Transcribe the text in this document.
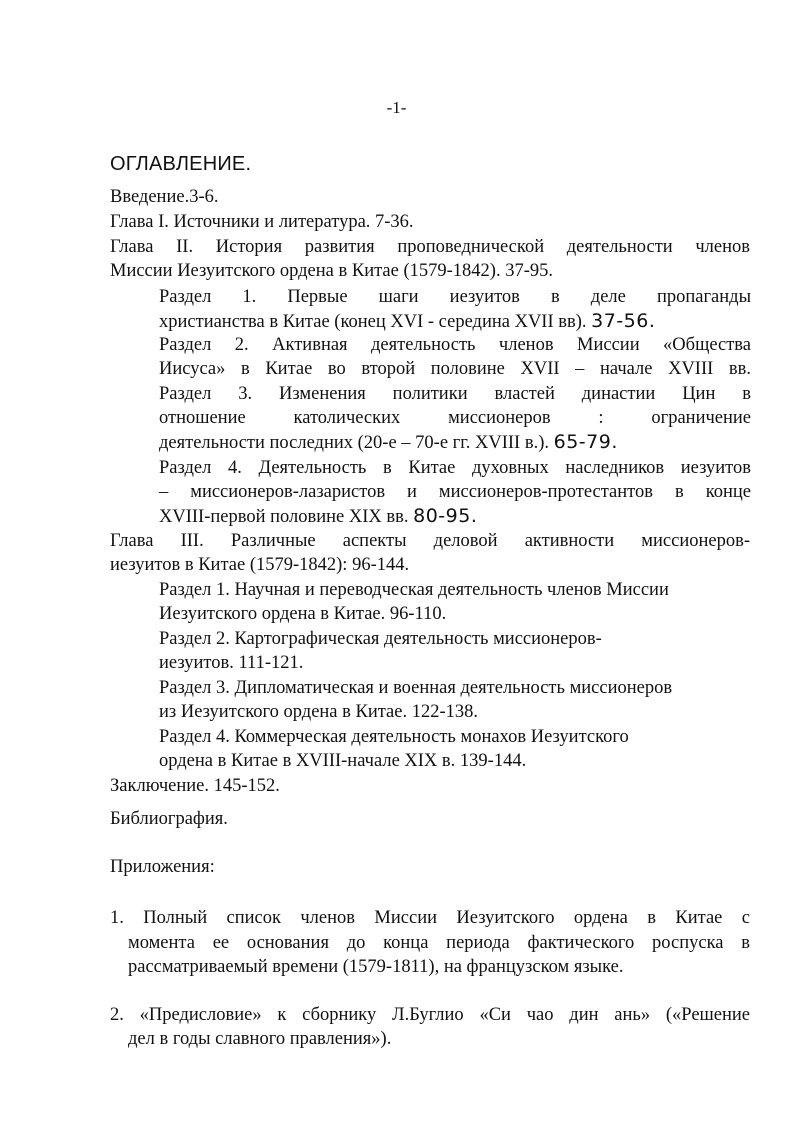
-1-
ОГЛАВЛЕНИЕ.
Введение.3-6.
Глава I. Источники и литература. 7-36.
Глава II. История развития проповеднической деятельности членов
Миссии Иезуитского ордена в Китае (1579-1842). 37-95.
Раздел 1. Первые шаги иезуитов в деле пропаганды
христианства в Китае (конец XVI - середина XVII вв). 37-56.
Раздел 2. Активная деятельность членов Миссии «Общества
Иисуса» в Китае во второй половине XVII – начале XVIII вв.
Раздел 3. Изменения политики властей династии Цин в
отношение католических миссионеров : ограничение
деятельности последних (20-е – 70-е гг. XVIII в.). 65-79.
Раздел 4. Деятельность в Китае духовных наследников иезуитов
– миссионеров-лазаристов и миссионеров-протестантов в конце
XVIII-первой половине XIX вв. 80-95.
Глава III. Различные аспекты деловой активности миссионеров-
иезуитов в Китае (1579-1842): 96-144.
Раздел 1. Научная и переводческая деятельность членов Миссии
Иезуитского ордена в Китае. 96-110.
Раздел 2. Картографическая деятельность миссионеров-
иезуитов. 111-121.
Раздел 3. Дипломатическая и военная деятельность миссионеров
из Иезуитского ордена в Китае. 122-138.
Раздел 4. Коммерческая деятельность монахов Иезуитского
ордена в Китае в XVIII-начале XIX в. 139-144.
Заключение. 145-152.
Библиография.
Приложения:
1. Полный список членов Миссии Иезуитского ордена в Китае с
момента ее основания до конца периода фактического роспуска в
рассматриваемый времени (1579-1811), на французском языке.
2. «Предисловие» к сборнику Л.Буглио «Си чао дин ань» («Решение
дел в годы славного правления»).
